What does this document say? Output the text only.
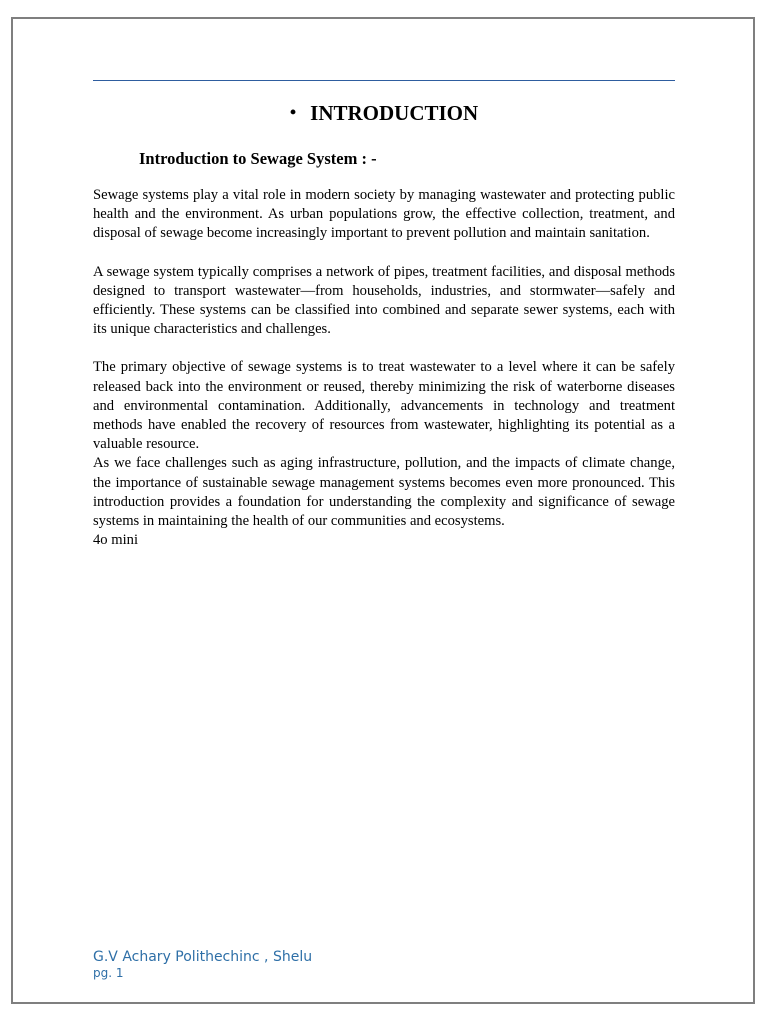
• INTRODUCTION
Introduction to Sewage System : -

Sewage systems play a vital role in modern society by managing wastewater and protecting public health and the environment. As urban populations grow, the effective collection, treatment, and disposal of sewage become increasingly important to prevent pollution and maintain sanitation.

A sewage system typically comprises a network of pipes, treatment facilities, and disposal methods designed to transport wastewater—from households, industries, and stormwater—safely and efficiently. These systems can be classified into combined and separate sewer systems, each with its unique characteristics and challenges.

The primary objective of sewage systems is to treat wastewater to a level where it can be safely released back into the environment or reused, thereby minimizing the risk of waterborne diseases and environmental contamination. Additionally, advancements in technology and treatment methods have enabled the recovery of resources from wastewater, highlighting its potential as a valuable resource.

As we face challenges such as aging infrastructure, pollution, and the impacts of climate change, the importance of sustainable sewage management systems becomes even more pronounced. This introduction provides a foundation for understanding the complexity and significance of sewage systems in maintaining the health of our communities and ecosystems.

4o mini

G.V Achary Polithechinc , Shelu
pg. 1
